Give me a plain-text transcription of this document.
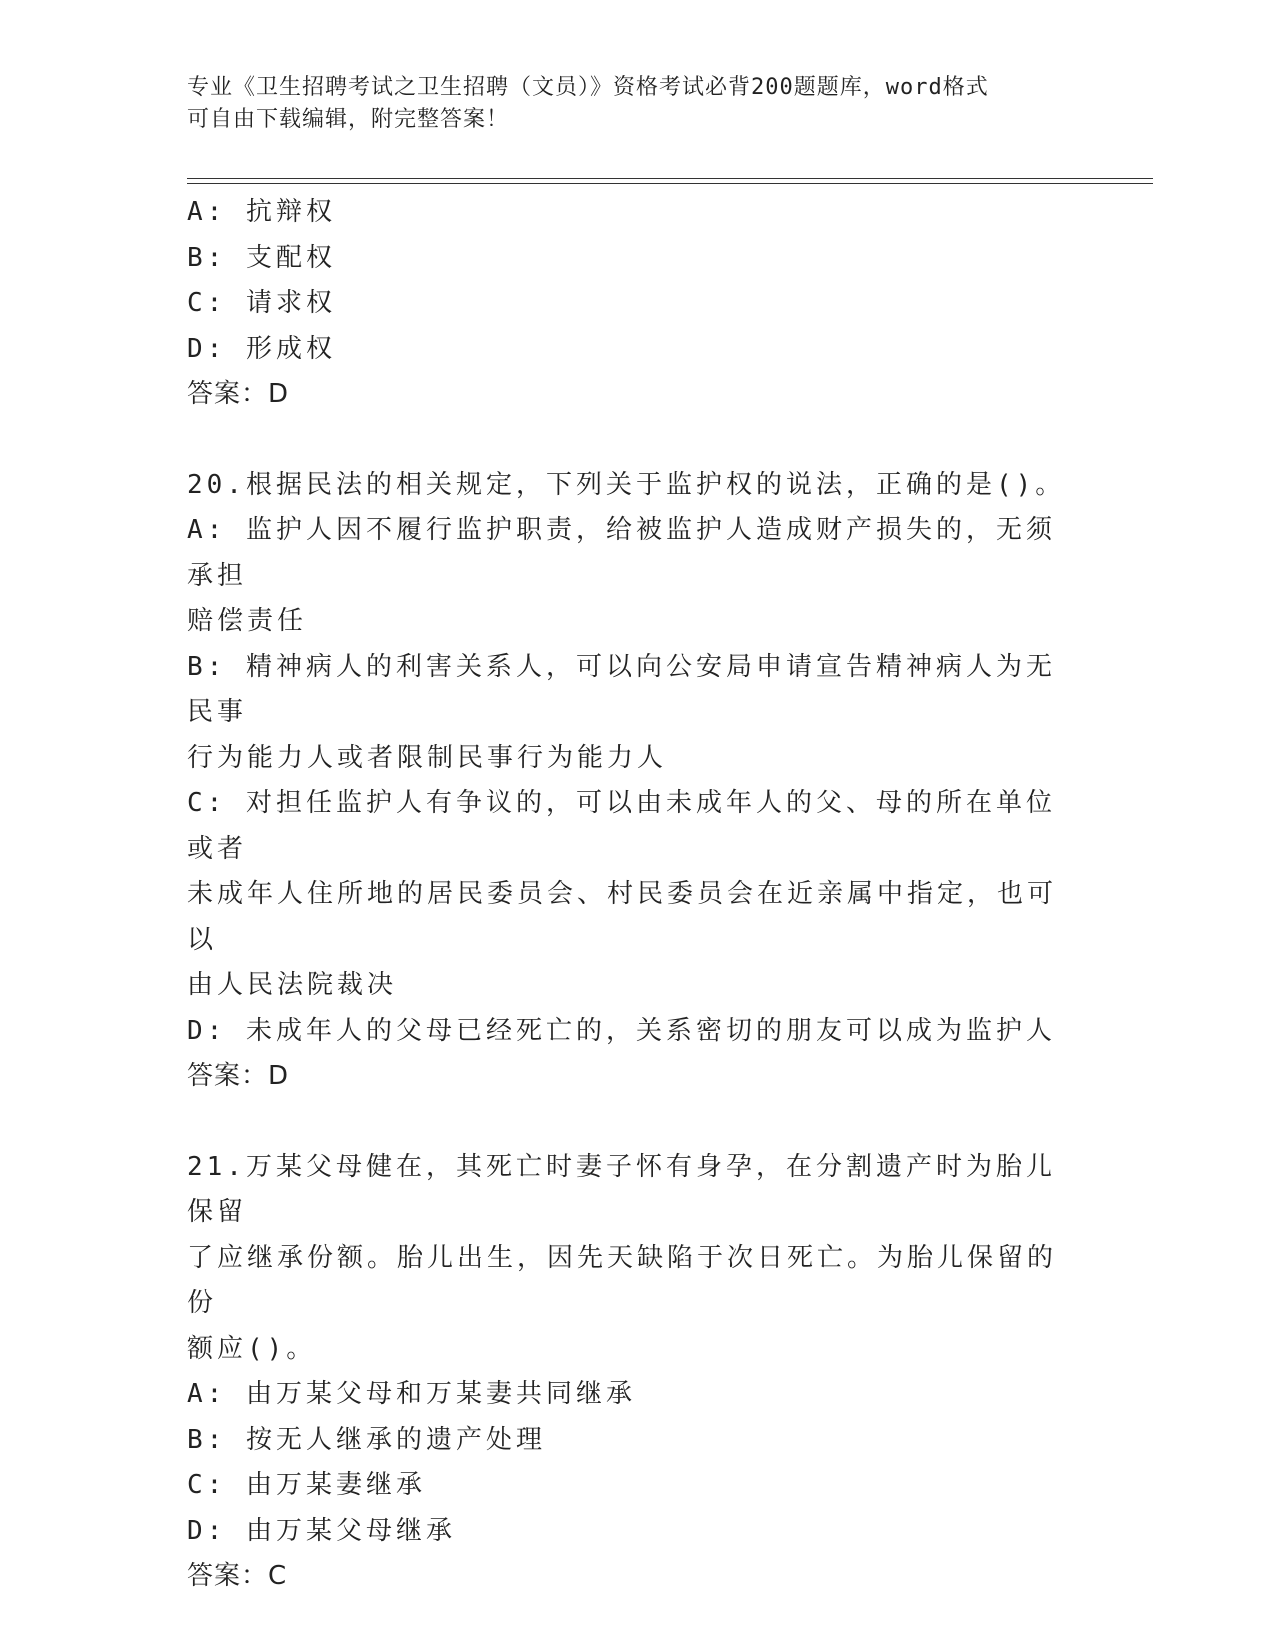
专业《卫生招聘考试之卫生招聘（文员）》资格考试必背200题题库，word格式
可自由下载编辑，附完整答案！
A: 抗辩权
B: 支配权
C: 请求权
D: 形成权
答案：D
20.根据民法的相关规定，下列关于监护权的说法，正确的是()。
A: 监护人因不履行监护职责，给被监护人造成财产损失的，无须承担
赔偿责任
B: 精神病人的利害关系人，可以向公安局申请宣告精神病人为无民事
行为能力人或者限制民事行为能力人
C: 对担任监护人有争议的，可以由未成年人的父、母的所在单位或者
未成年人住所地的居民委员会、村民委员会在近亲属中指定，也可以
由人民法院裁决
D: 未成年人的父母已经死亡的，关系密切的朋友可以成为监护人
答案：D
21.万某父母健在，其死亡时妻子怀有身孕，在分割遗产时为胎儿保留
了应继承份额。胎儿出生，因先天缺陷于次日死亡。为胎儿保留的份
额应()。
A: 由万某父母和万某妻共同继承
B: 按无人继承的遗产处理
C: 由万某妻继承
D: 由万某父母继承
答案：C
